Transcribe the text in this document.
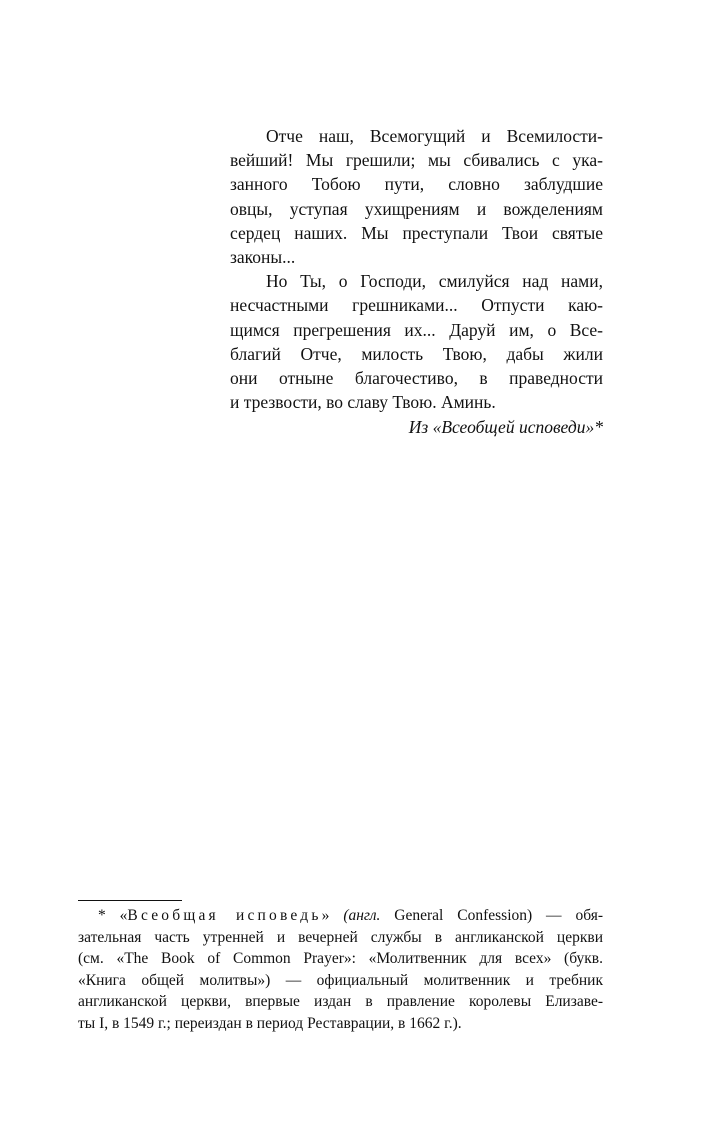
Отче наш, Всемогущий и Всемилости-
вейший! Мы грешили; мы сбивались с ука-
занного Тобою пути, словно заблудшие
овцы, уступая ухищрениям и вожделениям
сердец наших. Мы преступали Твои святые
законы...
Но Ты, о Господи, смилуйся над нами,
несчастными грешниками... Отпусти каю-
щимся прегрешения их... Даруй им, о Все-
благий Отче, милость Твою, дабы жили
они отныне благочестиво, в праведности
и трезвости, во славу Твою. Аминь.
Из «Всеобщей исповеди»*
* «Всеобщая исповедь» (англ. General Confession) — обя-
зательная часть утренней и вечерней службы в англиканской церкви
(см. «The Book of Common Prayer»: «Молитвенник для всех» (букв.
«Книга общей молитвы») — официальный молитвенник и требник
англиканской церкви, впервые издан в правление королевы Елизаве-
ты I, в 1549 г.; переиздан в период Реставрации, в 1662 г.).
